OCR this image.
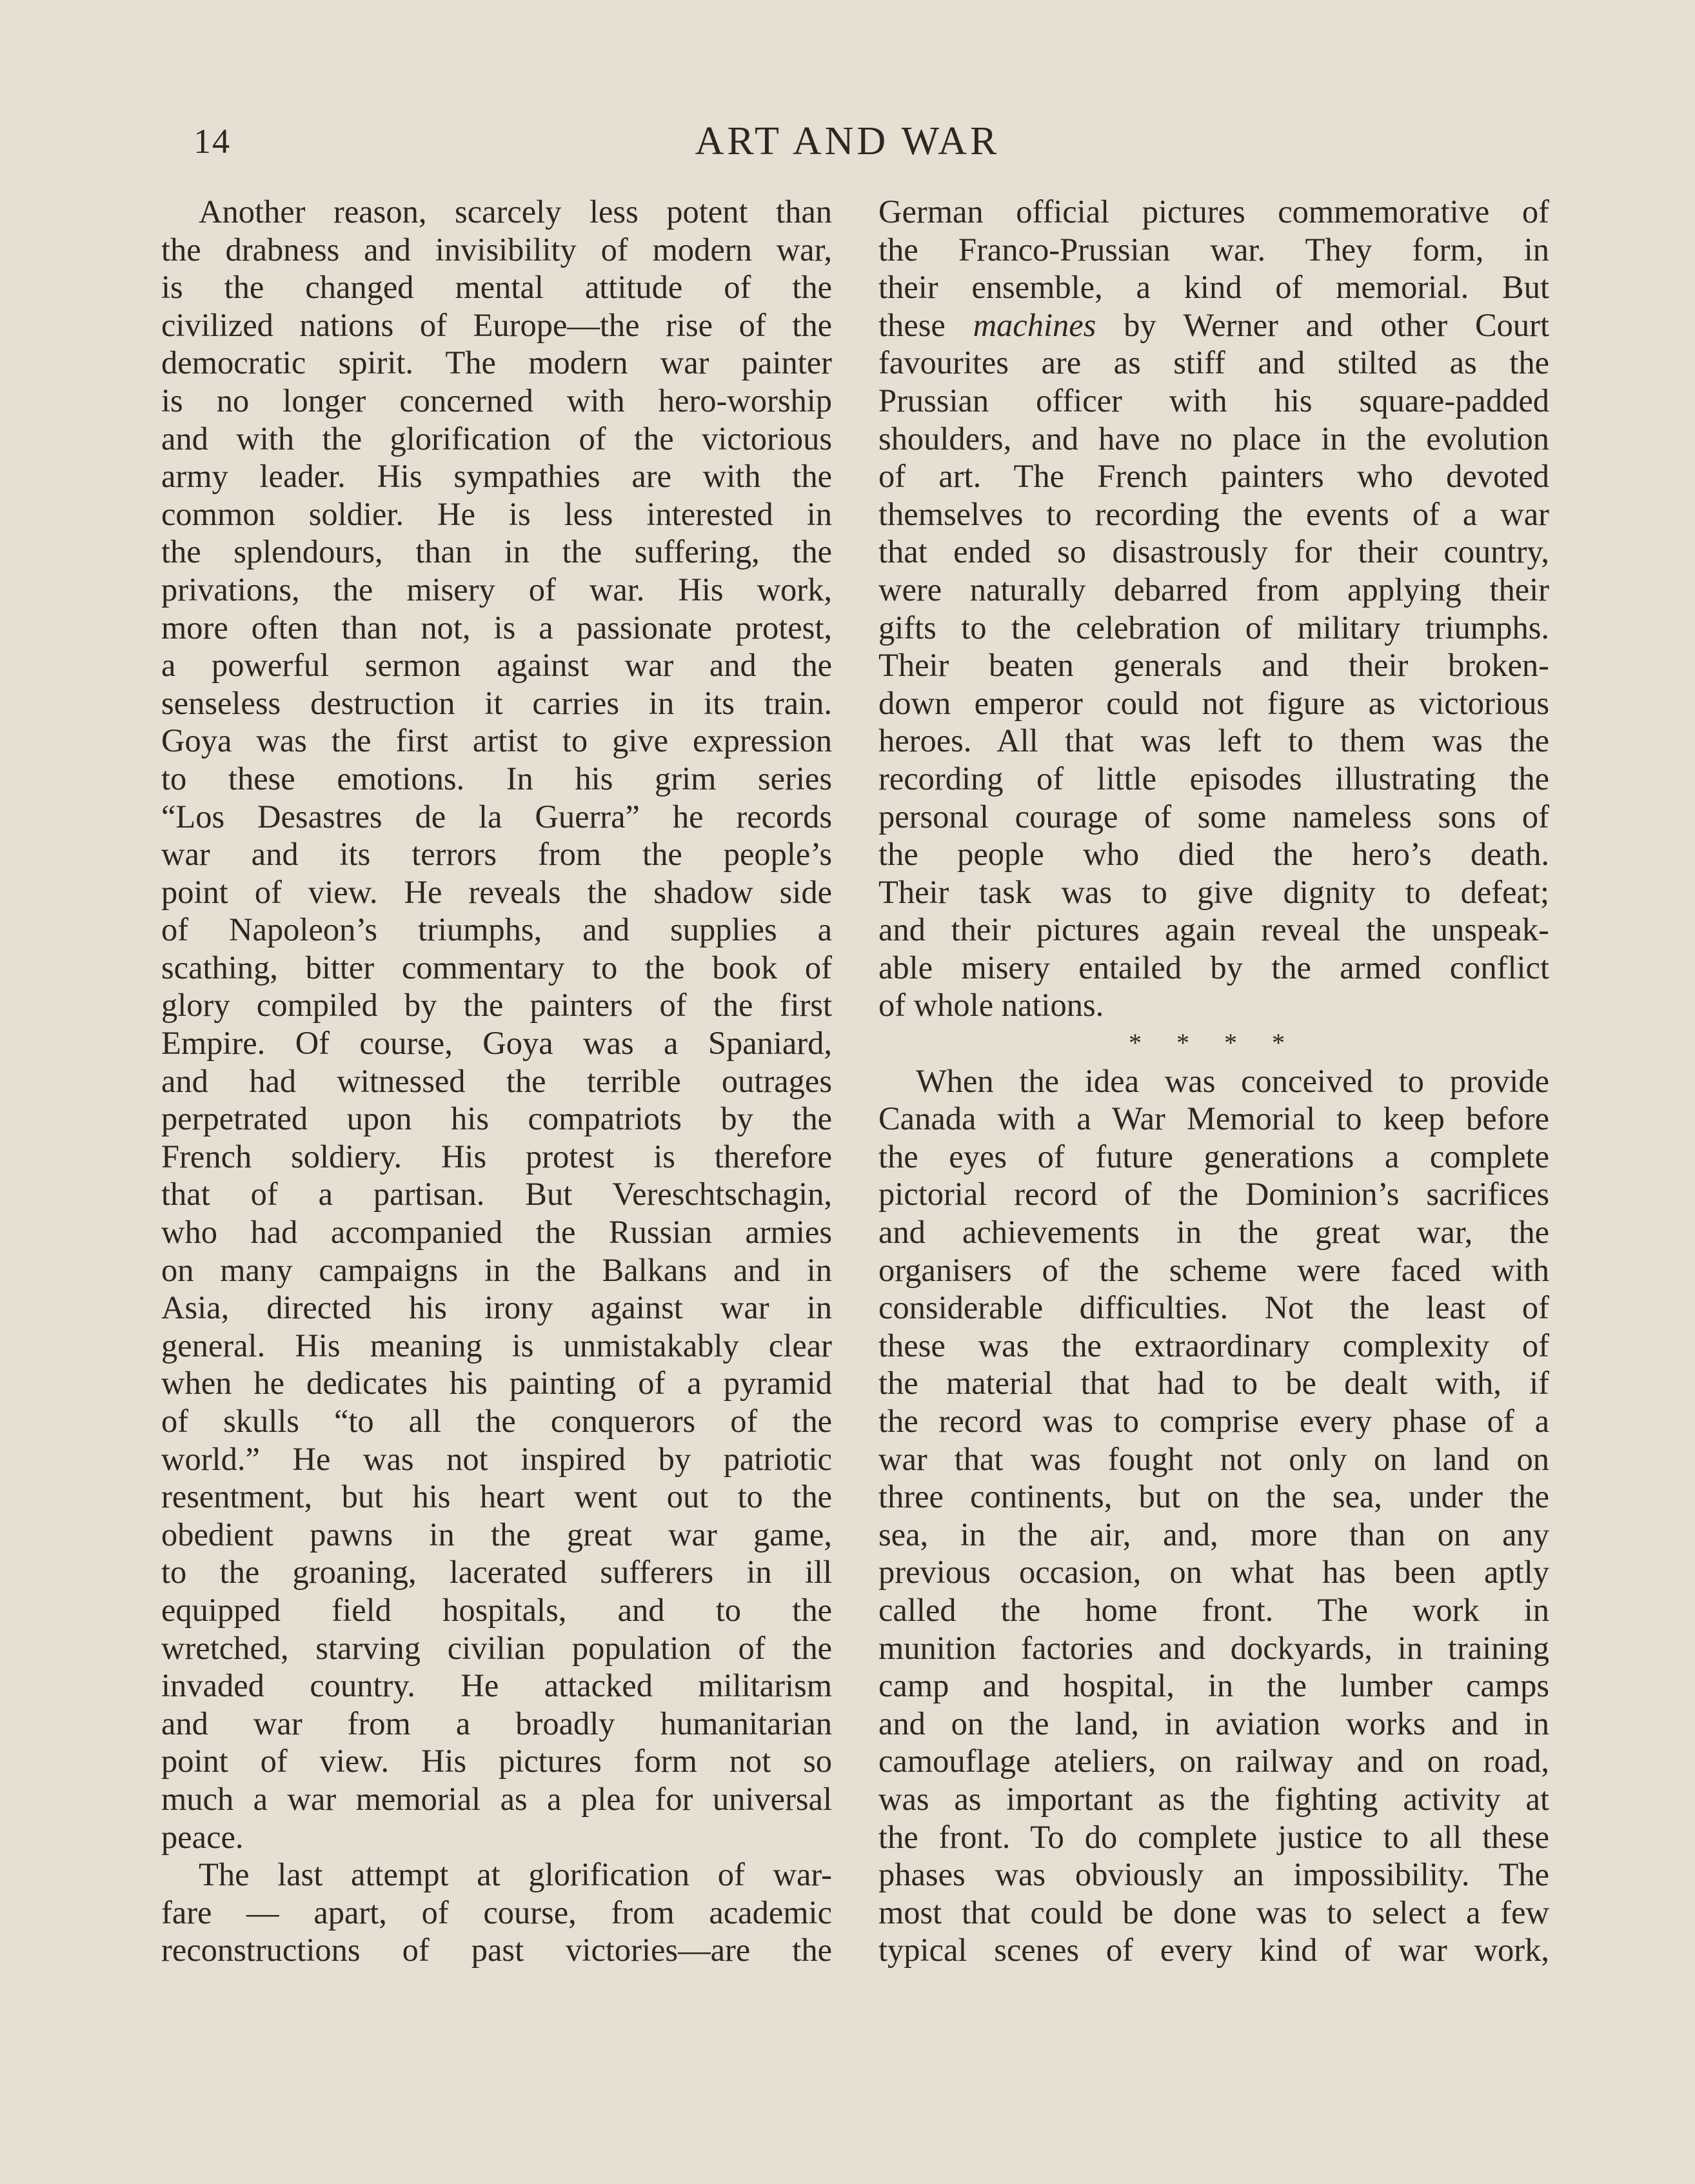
14	ART AND WAR
Another reason, scarcely less potent than
the drabness and invisibility of modern war,
is the changed mental attitude of the
civilized nations of Europe—the rise of the
democratic spirit. The modern war painter
is no longer concerned with hero-worship
and with the glorification of the victorious
army leader. His sympathies are with the
common soldier. He is less interested in
the splendours, than in the suffering, the
privations, the misery of war. His work,
more often than not, is a passionate protest,
a powerful sermon against war and the
senseless destruction it carries in its train.
Goya was the first artist to give expression
to these emotions. In his grim series
“Los Desastres de la Guerra” he records
war and its terrors from the people’s
point of view. He reveals the shadow side
of Napoleon’s triumphs, and supplies a
scathing, bitter commentary to the book of
glory compiled by the painters of the first
Empire. Of course, Goya was a Spaniard,
and had witnessed the terrible outrages
perpetrated upon his compatriots by the
French soldiery. His protest is therefore
that of a partisan. But Vereschtschagin,
who had accompanied the Russian armies
on many campaigns in the Balkans and in
Asia, directed his irony against war in
general. His meaning is unmistakably clear
when he dedicates his painting of a pyramid
of skulls “to all the conquerors of the
world.” He was not inspired by patriotic
resentment, but his heart went out to the
obedient pawns in the great war game,
to the groaning, lacerated sufferers in ill
equipped field hospitals, and to the
wretched, starving civilian population of the
invaded country. He attacked militarism
and war from a broadly humanitarian
point of view. His pictures form not so
much a war memorial as a plea for universal
peace.
The last attempt at glorification of war-
fare — apart, of course, from academic
reconstructions of past victories—are the
German official pictures commemorative of
the Franco-Prussian war. They form, in
their ensemble, a kind of memorial. But
these machines by Werner and other Court
favourites are as stiff and stilted as the
Prussian officer with his square-padded
shoulders, and have no place in the evolution
of art. The French painters who devoted
themselves to recording the events of a war
that ended so disastrously for their country,
were naturally debarred from applying their
gifts to the celebration of military triumphs.
Their beaten generals and their broken-
down emperor could not figure as victorious
heroes. All that was left to them was the
recording of little episodes illustrating the
personal courage of some nameless sons of
the people who died the hero’s death.
Their task was to give dignity to defeat;
and their pictures again reveal the unspeak-
able misery entailed by the armed conflict
of whole nations.
* * * *
When the idea was conceived to provide
Canada with a War Memorial to keep before
the eyes of future generations a complete
pictorial record of the Dominion’s sacrifices
and achievements in the great war, the
organisers of the scheme were faced with
considerable difficulties. Not the least of
these was the extraordinary complexity of
the material that had to be dealt with, if
the record was to comprise every phase of a
war that was fought not only on land on
three continents, but on the sea, under the
sea, in the air, and, more than on any
previous occasion, on what has been aptly
called the home front. The work in
munition factories and dockyards, in training
camp and hospital, in the lumber camps
and on the land, in aviation works and in
camouflage ateliers, on railway and on road,
was as important as the fighting activity at
the front. To do complete justice to all these
phases was obviously an impossibility. The
most that could be done was to select a few
typical scenes of every kind of war work,
